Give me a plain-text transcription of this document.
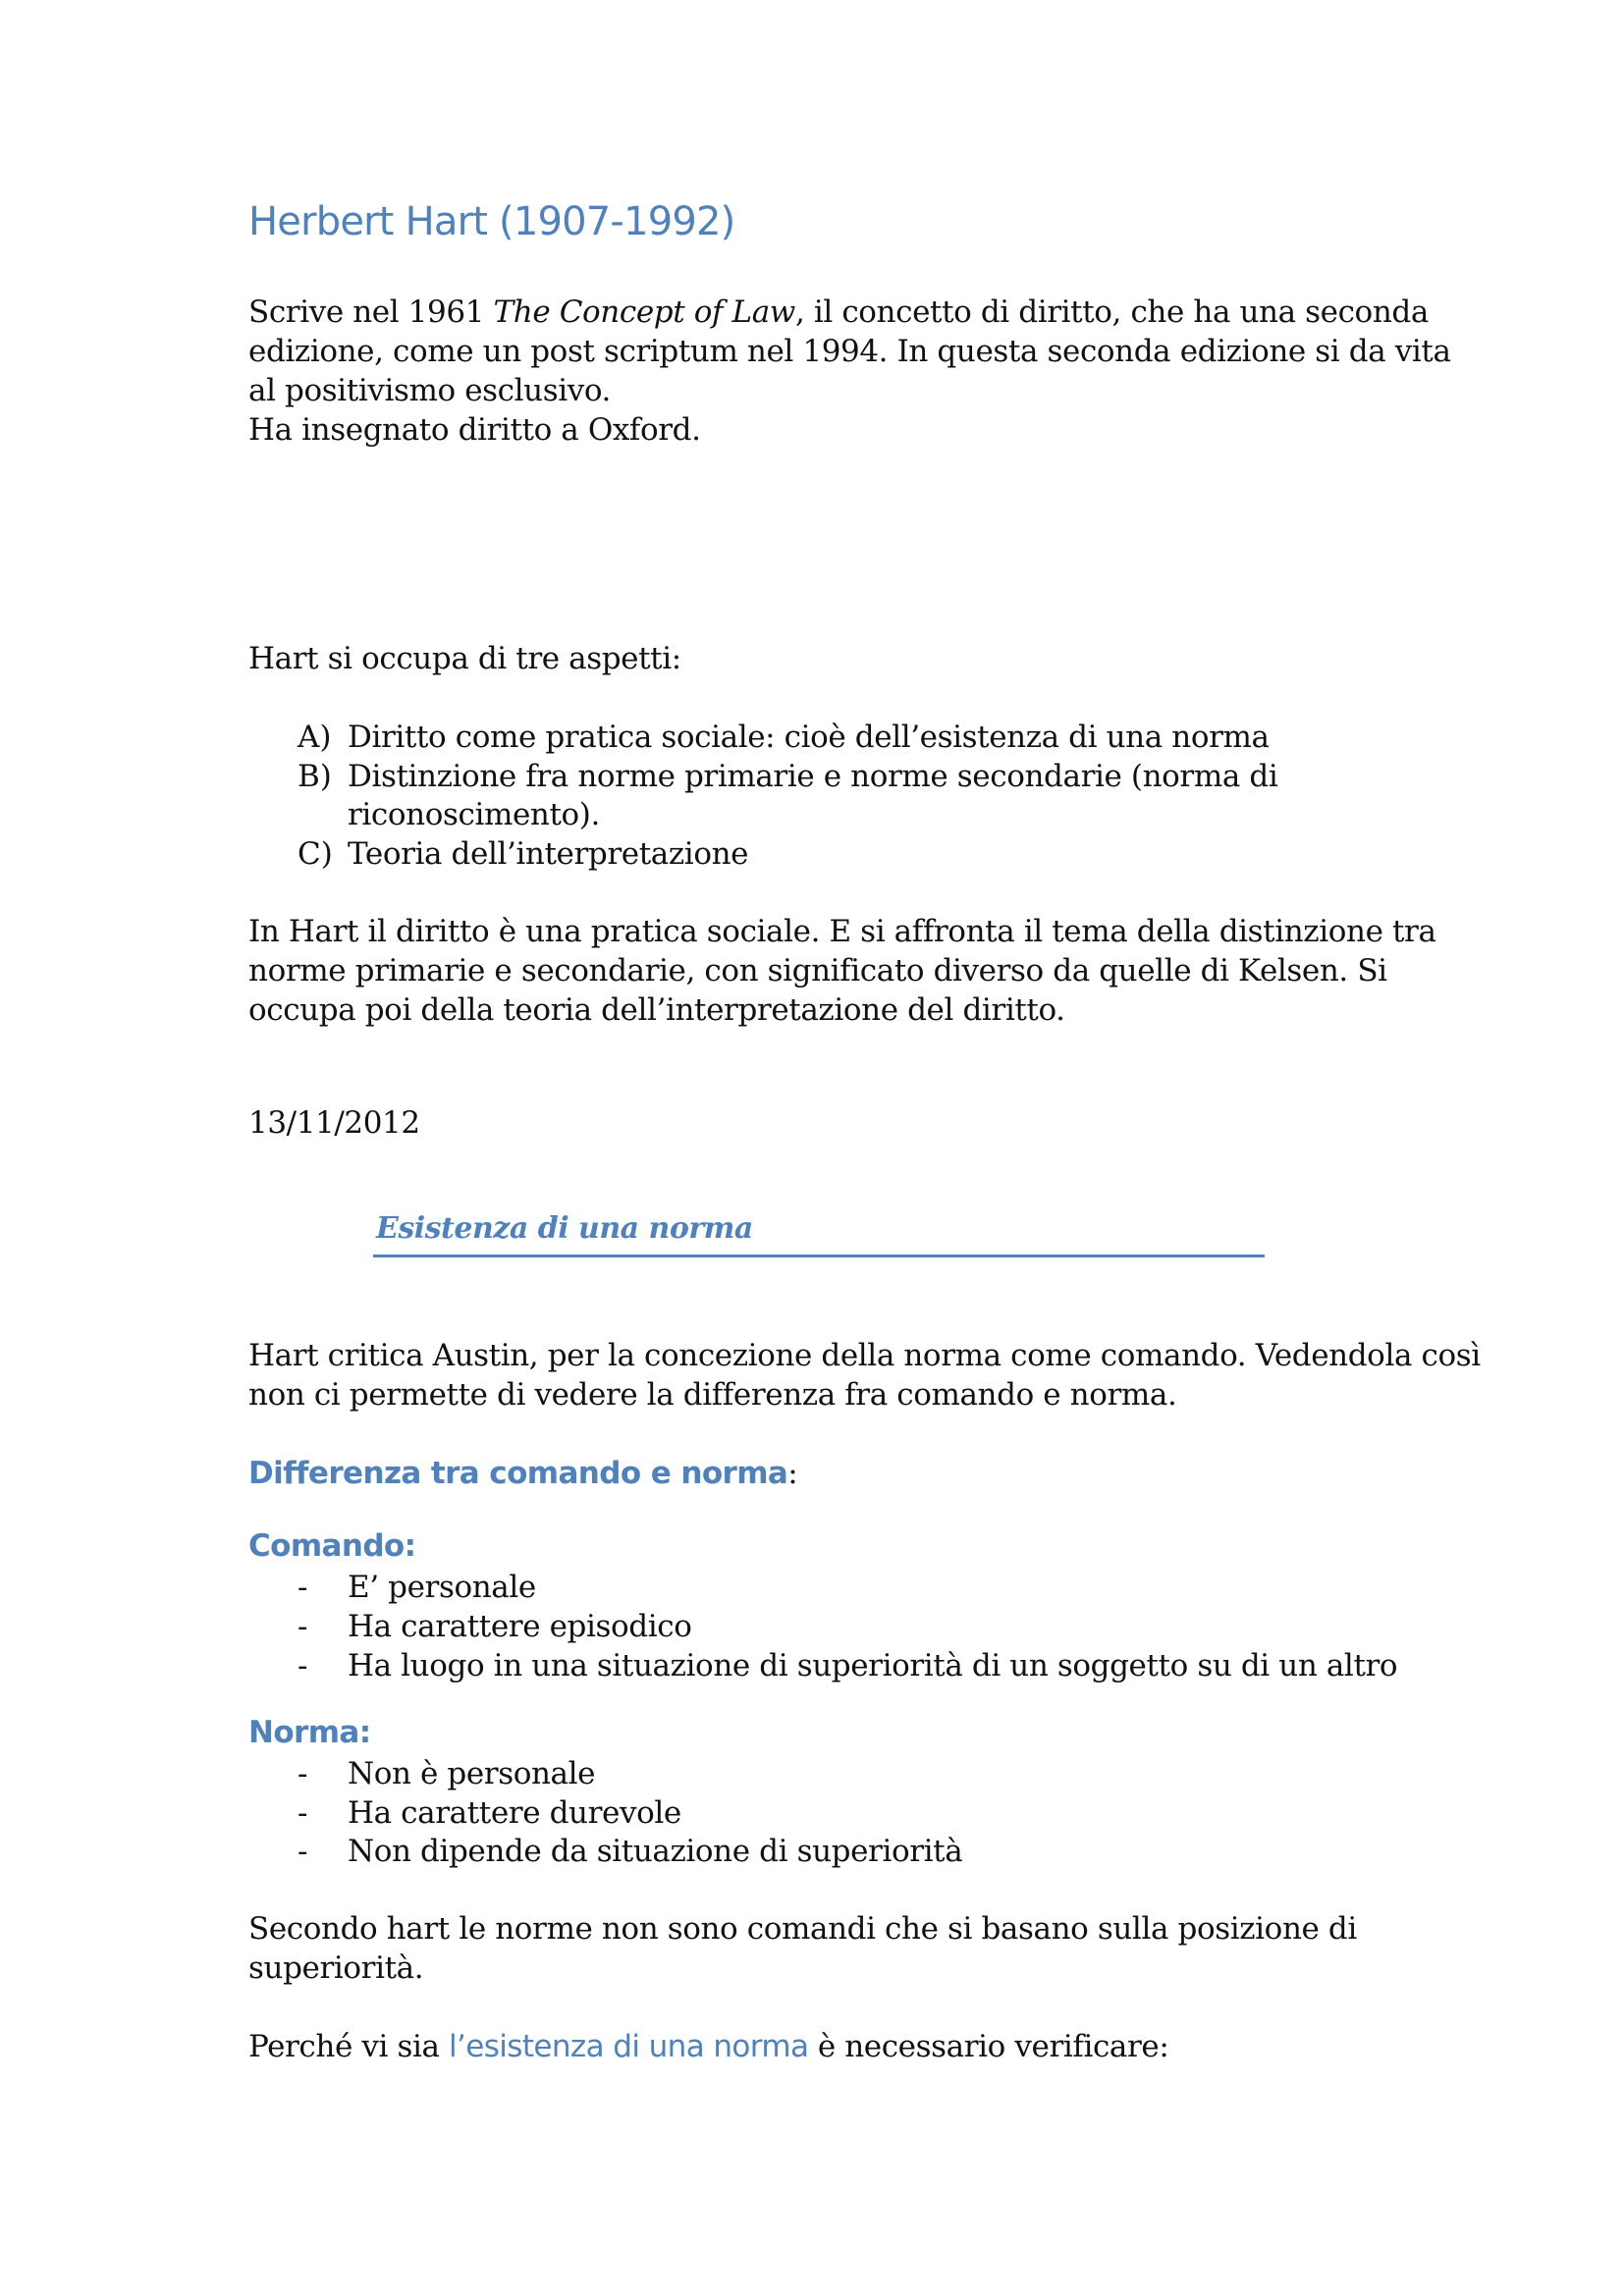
Herbert Hart (1907-1992)
Scrive nel 1961 The Concept of Law, il concetto di diritto, che ha una seconda
edizione, come un post scriptum nel 1994. In questa seconda edizione si da vita
al positivismo esclusivo.
Ha insegnato diritto a Oxford.
Hart si occupa di tre aspetti:
A) Diritto come pratica sociale: cioè dell’esistenza di una norma
B) Distinzione fra norme primarie e norme secondarie (norma di
riconoscimento).
C) Teoria dell’interpretazione
In Hart il diritto è una pratica sociale. E si affronta il tema della distinzione tra
norme primarie e secondarie, con significato diverso da quelle di Kelsen. Si
occupa poi della teoria dell’interpretazione del diritto.
13/11/2012
Esistenza di una norma
Hart critica Austin, per la concezione della norma come comando. Vedendola così
non ci permette di vedere la differenza fra comando e norma.
Differenza tra comando e norma:
Comando:
- E’ personale
- Ha carattere episodico
- Ha luogo in una situazione di superiorità di un soggetto su di un altro
Norma:
- Non è personale
- Ha carattere durevole
- Non dipende da situazione di superiorità
Secondo hart le norme non sono comandi che si basano sulla posizione di
superiorità.
Perché vi sia l’esistenza di una norma è necessario verificare:
